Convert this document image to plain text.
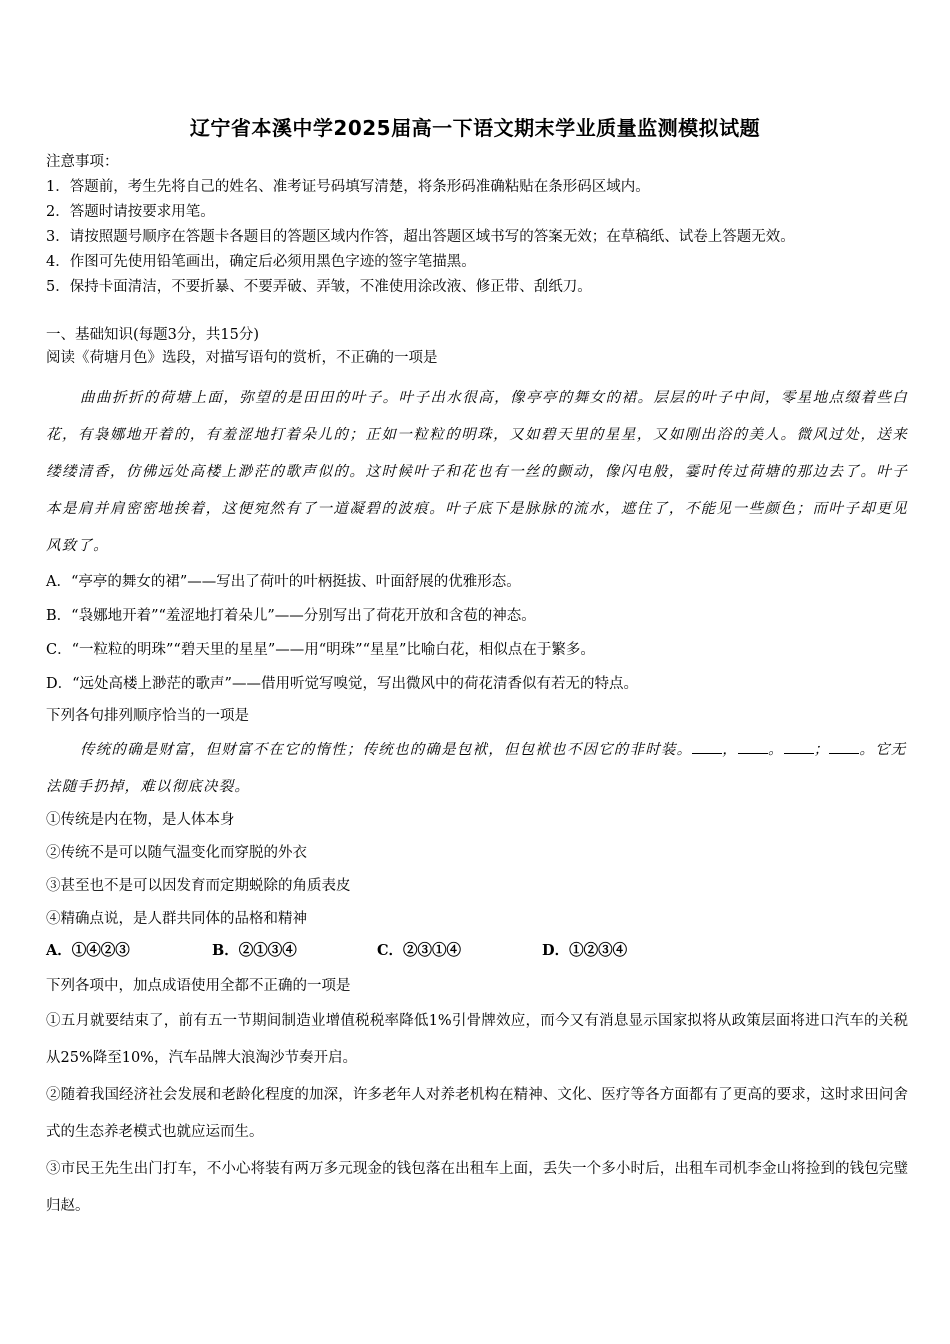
辽宁省本溪中学2025届高一下语文期末学业质量监测模拟试题
注意事项：
1．答题前，考生先将自己的姓名、准考证号码填写清楚，将条形码准确粘贴在条形码区域内。
2．答题时请按要求用笔。
3．请按照题号顺序在答题卡各题目的答题区域内作答，超出答题区域书写的答案无效；在草稿纸、试卷上答题无效。
4．作图可先使用铅笔画出，确定后必须用黑色字迹的签字笔描黑。
5．保持卡面清洁，不要折暴、不要弄破、弄皱，不准使用涂改液、修正带、刮纸刀。
一、基础知识(每题3分，共15分)
阅读《荷塘月色》选段，对描写语句的赏析，不正确的一项是
曲曲折折的荷塘上面，弥望的是田田的叶子。叶子出水很高，像亭亭的舞女的裙。层层的叶子中间，零星地点缀着些白花，有袅娜地开着的，有羞涩地打着朵儿的；正如一粒粒的明珠，又如碧天里的星星，又如刚出浴的美人。微风过处，送来缕缕清香，仿佛远处高楼上渺茫的歌声似的。这时候叶子和花也有一丝的颤动，像闪电般，霎时传过荷塘的那边去了。叶子本是肩并肩密密地挨着，这便宛然有了一道凝碧的波痕。叶子底下是脉脉的流水，遮住了，不能见一些颜色；而叶子却更见风致了。
A．“亭亭的舞女的裙”——写出了荷叶的叶柄挺拔、叶面舒展的优雅形态。
B．“袅娜地开着”“羞涩地打着朵儿”——分别写出了荷花开放和含苞的神态。
C．“一粒粒的明珠”“碧天里的星星”——用“明珠”“星星”比喻白花，相似点在于繁多。
D．“远处高楼上渺茫的歌声”——借用听觉写嗅觉，写出微风中的荷花清香似有若无的特点。
下列各句排列顺序恰当的一项是
传统的确是财富，但财富不在它的惰性；传统也的确是包袱，但包袱也不因它的非时装。 ， 。 ； 。它无法随手扔掉，难以彻底决裂。
①传统是内在物，是人体本身
②传统不是可以随气温变化而穿脱的外衣
③甚至也不是可以因发育而定期蜕除的角质表皮
④精确点说，是人群共同体的品格和精神
A．①④②③	B．②①③④	C．②③①④	D．①②③④
下列各项中，加点成语使用全都不正确的一项是

①五月就要结束了，前有五一节期间制造业增值税税率降低1%引骨牌效应，而今又有消息显示国家拟将从政策层面将进口汽车的关税从25%降至10%，汽车品牌大浪淘沙节奏开启。

②随着我国经济社会发展和老龄化程度的加深，许多老年人对养老机构在精神、文化、医疗等各方面都有了更高的要求，这时求田问舍式的生态养老模式也就应运而生。

③市民王先生出门打车，不小心将装有两万多元现金的钱包落在出租车上面，丢失一个多小时后，出租车司机李金山将捡到的钱包完璧归赵。
